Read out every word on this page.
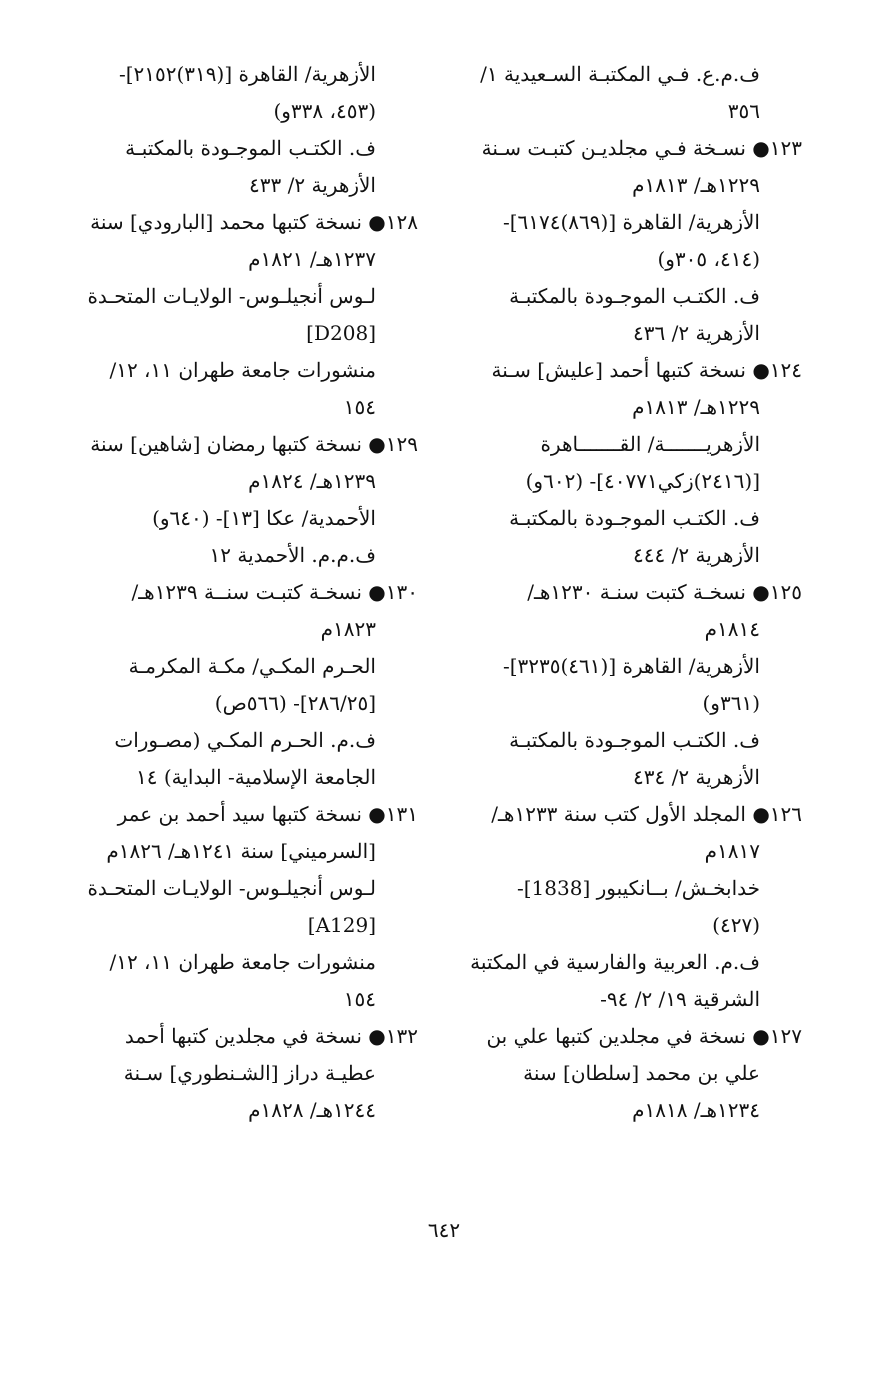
ف.م.ع. فـي المكتبـة السـعيدية ١/
٣٥٦
١٢٣● نسـخة فـي مجلديـن كتبـت سـنة
١٢٢٩هـ/ ١٨١٣م
الأزهرية/ القاهرة [(٨٦٩)٦١٧٤]-
(٤١٤، ٣٠٥و)
ف. الكتـب الموجـودة بالمكتبـة
الأزهرية ٢/ ٤٣٦
١٢٤● نسخة كتبها أحمد [عليش] سـنة
١٢٢٩هـ/ ١٨١٣م
الأزهريـــــــة/ القـــــــاهرة
[(٢٤١٦)زكي٤٠٧٧١]- (٦٠٢و)
ف. الكتـب الموجـودة بالمكتبـة
الأزهرية ٢/ ٤٤٤
١٢٥● نسخـة كتبت سنـة ١٢٣٠هـ/
١٨١٤م
الأزهرية/ القاهرة [(٤٦١)٣٢٣٥]-
(٣٦١و)
ف. الكتـب الموجـودة بالمكتبـة
الأزهرية ٢/ ٤٣٤
١٢٦● المجلد الأول كتب سنة ١٢٣٣هـ/
١٨١٧م
خدابخـش/ بــانكيبور [1838]-
(٤٢٧)
ف.م. العربية والفارسية في المكتبة
الشرقية ١٩/ ٢/ ٩٤-
١٢٧● نسخة في مجلدين كتبها علي بن
علي بن محمد [سلطان] سنة
١٢٣٤هـ/ ١٨١٨م
الأزهرية/ القاهرة [(٣١٩)٢١٥٢]-
(٤٥٣، ٣٣٨و)
ف. الكتـب الموجـودة بالمكتبـة
الأزهرية ٢/ ٤٣٣
١٢٨● نسخة كتبها محمد [البارودي] سنة
١٢٣٧هـ/ ١٨٢١م
لـوس أنجيلـوس- الولايـات المتحـدة
[D208]
منشورات جامعة طهران ١١، ١٢/
١٥٤
١٢٩● نسخة كتبها رمضان [شاهين] سنة
١٢٣٩هـ/ ١٨٢٤م
الأحمدية/ عكا [١٣]- (٦٤٠و)
ف.م.م. الأحمدية ١٢
١٣٠● نسخـة كتبـت سنــة ١٢٣٩هـ/
١٨٢٣م
الحـرم المكـي/ مكـة المكرمـة
[٢٨٦/٢٥]- (٥٦٦ص)
ف.م. الحـرم المكـي (مصـورات
الجامعة الإسلامية- البداية) ١٤
١٣١● نسخة كتبها سيد أحمد بن عمر
[السرميني] سنة ١٢٤١هـ/ ١٨٢٦م
لـوس أنجيلـوس- الولايـات المتحـدة
[A129]
منشورات جامعة طهران ١١، ١٢/
١٥٤
١٣٢● نسخة في مجلدين كتبها أحمد
عطيـة دراز [الشـنطوري] سـنة
١٢٤٤هـ/ ١٨٢٨م
٦٤٢
